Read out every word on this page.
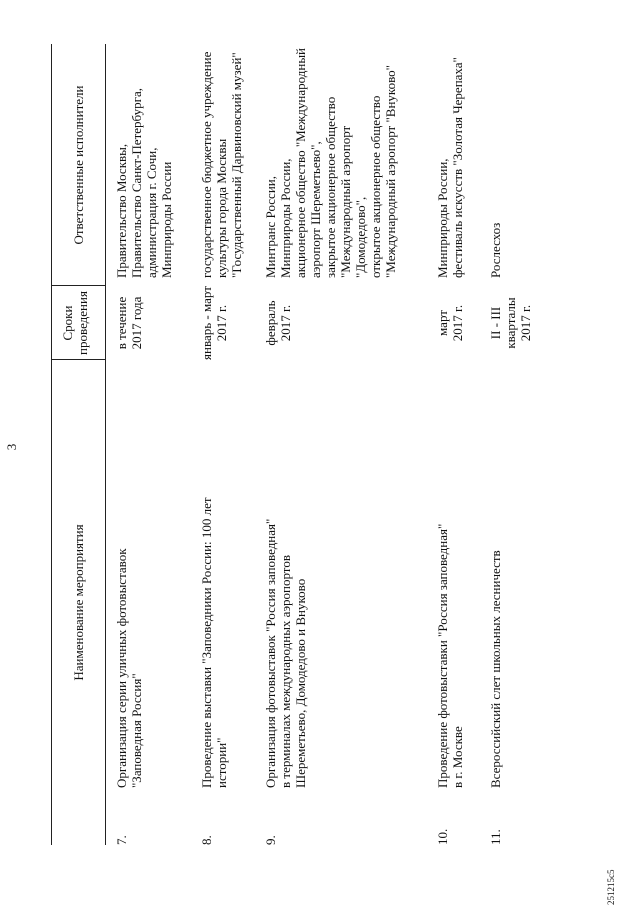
3
Наименование мероприятия
Сроки
проведения
Ответственные исполнители
7.
Организация серии уличных фотовыставок
"Заповедная Россия"
в течение
2017 года
Правительство Москвы,
Правительство Санкт-Петербурга,
администрация г. Сочи,
Минприроды России
8.
Проведение выставки "Заповедники России: 100 лет
истории"
январь - март
2017 г.
государственное бюджетное учреждение
культуры города Москвы
"Государственный Дарвиновский музей"
9.
Организация фотовыставок "Россия заповедная"
в терминалах международных аэропортов
Шереметьево, Домодедово и Внуково
февраль
2017 г.
Минтранс России,
Минприроды России,
акционерное общество "Международный
аэропорт Шереметьево",
закрытое акционерное общество
"Международный аэропорт
"Домодедово",
открытое акционерное общество
"Международный аэропорт "Внуково"
10.
Проведение фотовыставки "Россия заповедная"
в г. Москве
март
2017 г.
Минприроды России,
фестиваль искусств "Золотая Черепаха"
11.
Всероссийский слет школьных лесничеств
II - III кварталы
2017 г.
Рослесхоз
251215с5
